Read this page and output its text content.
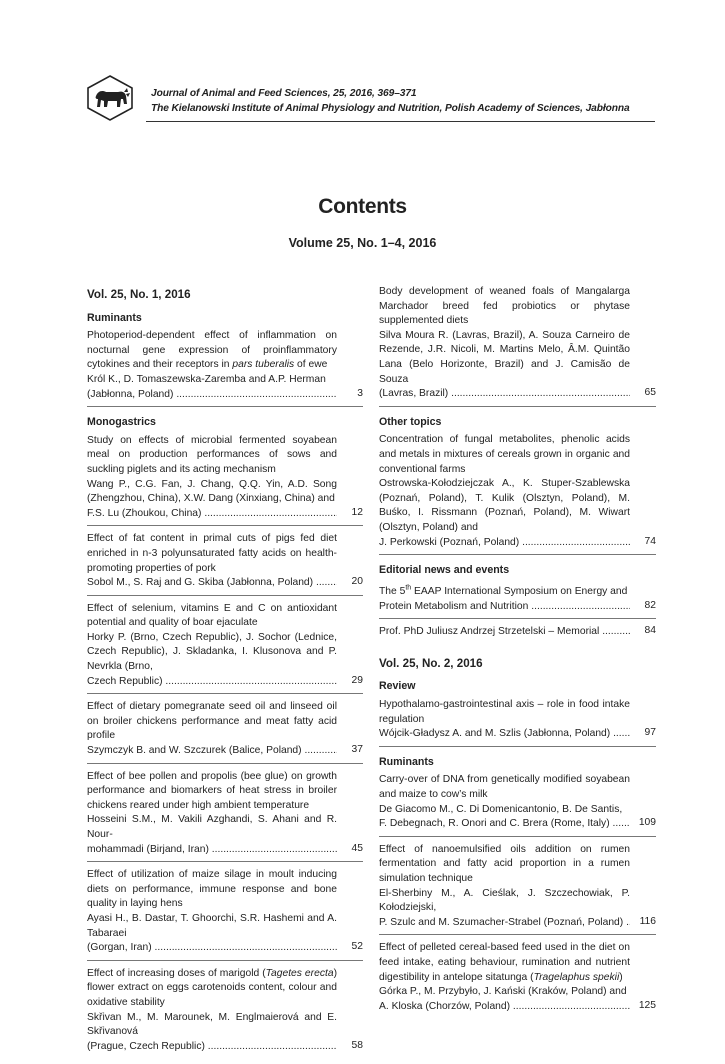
Journal of Animal and Feed Sciences, 25, 2016, 369–371
The Kielanowski Institute of Animal Physiology and Nutrition, Polish Academy of Sciences, Jabłonna
Contents
Volume 25, No. 1–4, 2016
Vol. 25, No. 1, 2016
Ruminants
Photoperiod-dependent effect of inflammation on nocturnal gene expression of proinflammatory cytokines and their receptors in pars tuberalis of ewe
Król K., D. Tomaszewska-Zaremba and A.P. Herman
(Jabłonna, Poland) .....	3
Monogastrics
Study on effects of microbial fermented soyabean meal on production performances of sows and suckling piglets and its acting mechanism
Wang P., C.G. Fan, J. Chang, Q.Q. Yin, A.D. Song (Zhengzhou, China), X.W. Dang (Xinxiang, China) and
F.S. Lu (Zhoukou, China) .....	12
Effect of fat content in primal cuts of pigs fed diet enriched in n-3 polyunsaturated fatty acids on health-promoting properties of pork

Sobol M., S. Raj and G. Skiba (Jabłonna, Poland) .....	20
Effect of selenium, vitamins E and C on antioxidant potential and quality of boar ejaculate
Horky P. (Brno, Czech Republic), J. Sochor (Lednice, Czech Republic), J. Skladanka, I. Klusonova and P. Nevrkla (Brno,
Czech Republic) .....	29
Effect of dietary pomegranate seed oil and linseed oil on broiler chickens performance and meat fatty acid profile

Szymczyk B. and W. Szczurek (Balice, Poland) .....	37
Effect of bee pollen and propolis (bee glue) on growth performance and biomarkers of heat stress in broiler chickens reared under high ambient temperature
Hosseini S.M., M. Vakili Azghandi, S. Ahani and R. Nour-
mohammadi (Birjand, Iran) .....	45
Effect of utilization of maize silage in moult inducing diets on performance, immune response and bone quality in laying hens
Ayasi H., B. Dastar, T. Ghoorchi, S.R. Hashemi and A. Tabaraei
(Gorgan, Iran) .....	52
Effect of increasing doses of marigold (Tagetes erecta) flower extract on eggs carotenoids content, colour and oxidative stability
Skřivan M., M. Marounek, M. Englmaierová and E. Skřivanová
(Prague, Czech Republic) .....	58
Body development of weaned foals of Mangalarga Marchador breed fed probiotics or phytase supplemented diets
Silva Moura R. (Lavras, Brazil), A. Souza Carneiro de Rezende, J.R. Nicoli, M. Martins Melo, Â.M. Quintão Lana (Belo Horizonte, Brazil) and J. Camisão de Souza
(Lavras, Brazil) .....	65
Other topics
Concentration of fungal metabolites, phenolic acids and metals in mixtures of cereals grown in organic and conventional farms
Ostrowska-Kołodziejczak A., K. Stuper-Szablewska (Poznań, Poland), T. Kulik (Olsztyn, Poland), M. Buśko, I. Rissmann (Poznań, Poland), M. Wiwart (Olsztyn, Poland) and
J. Perkowski (Poznań, Poland) .....	74
Editorial news and events
The 5th EAAP International Symposium on Energy and

Protein Metabolism and Nutrition .....	82
Prof. PhD Juliusz Andrzej Strzetelski – Memorial .....	84
Vol. 25, No. 2, 2016
Review
Hypothalamo-gastrointestinal axis – role in food intake regulation

Wójcik-Gładysz A. and M. Szlis (Jabłonna, Poland) .....	97
Ruminants
Carry-over of DNA from genetically modified soyabean and maize to cow’s milk
De Giacomo M., C. Di Domenicantonio, B. De Santis,
F. Debegnach, R. Onori and C. Brera (Rome, Italy) .....	109
Effect of nanoemulsified oils addition on rumen fermentation and fatty acid proportion in a rumen simulation technique
El-Sherbiny M., A. Cieślak, J. Szczechowiak, P. Kołodziejski,
P. Szulc and M. Szumacher-Strabel (Poznań, Poland) .....	116
Effect of pelleted cereal-based feed used in the diet on feed intake, eating behaviour, rumination and nutrient digestibility in antelope sitatunga (Tragelaphus spekii)
Górka P., M. Przybyło, J. Kański (Kraków, Poland) and
A. Kloska (Chorzów, Poland) .....	125
